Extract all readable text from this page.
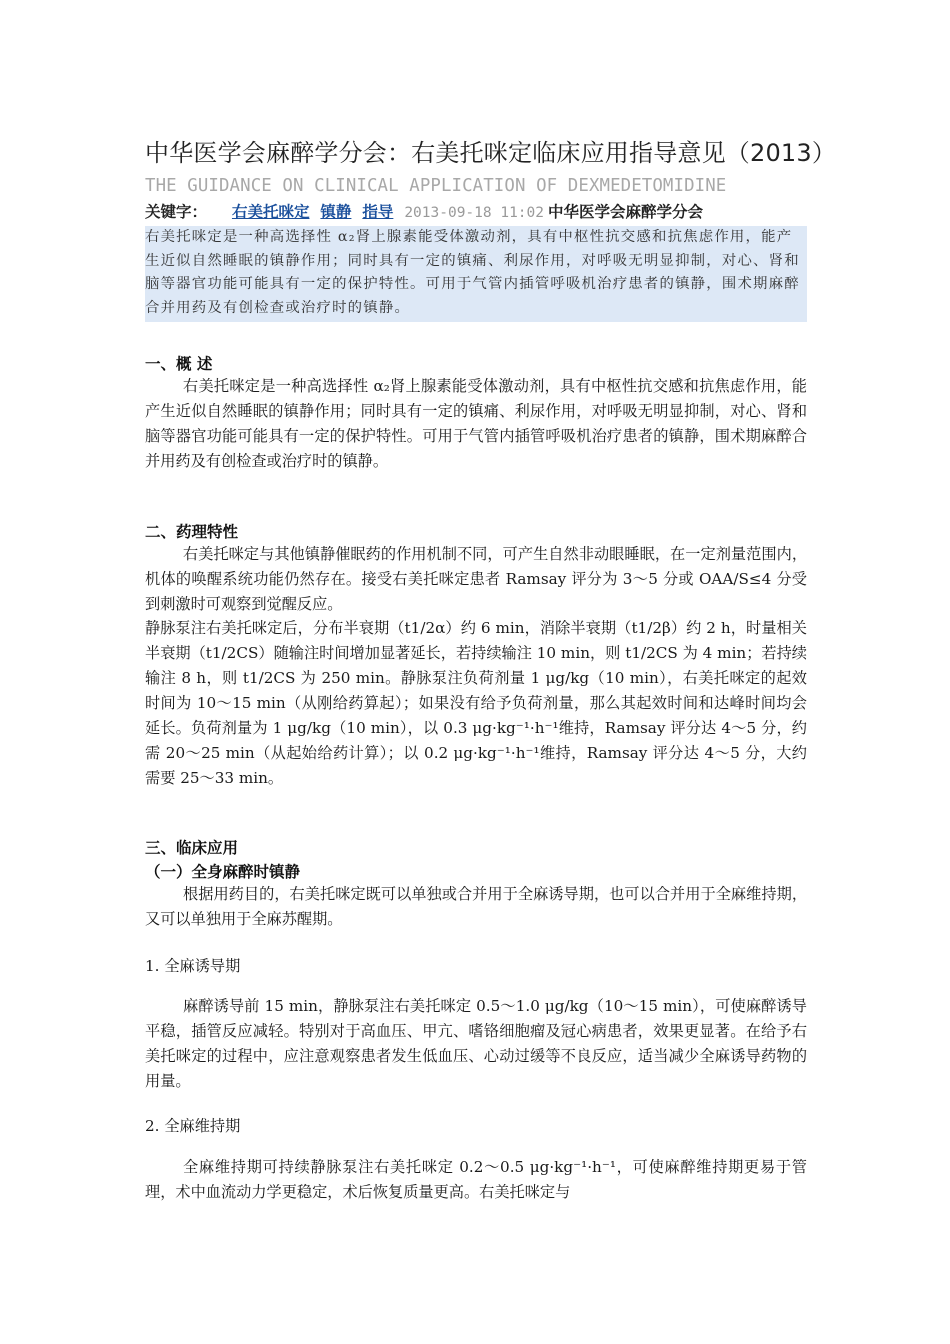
中华医学会麻醉学分会：右美托咪定临床应用指导意见（2013）
THE GUIDANCE ON CLINICAL APPLICATION OF DEXMEDETOMIDINE
关键字： 右美托咪定 镇静 指导 2013-09-18 11:02 中华医学会麻醉学分会
右美托咪定是一种高选择性 α₂肾上腺素能受体激动剂，具有中枢性抗交感和抗焦虑作用，能产生近似自然睡眠的镇静作用；同时具有一定的镇痛、利尿作用，对呼吸无明显抑制，对心、肾和脑等器官功能可能具有一定的保护特性。可用于气管内插管呼吸机治疗患者的镇静，围术期麻醉合并用药及有创检查或治疗时的镇静。
一、概 述
右美托咪定是一种高选择性 α₂肾上腺素能受体激动剂，具有中枢性抗交感和抗焦虑作用，能产生近似自然睡眠的镇静作用；同时具有一定的镇痛、利尿作用，对呼吸无明显抑制，对心、肾和脑等器官功能可能具有一定的保护特性。可用于气管内插管呼吸机治疗患者的镇静，围术期麻醉合并用药及有创检查或治疗时的镇静。
二、药理特性
右美托咪定与其他镇静催眠药的作用机制不同，可产生自然非动眼睡眠，在一定剂量范围内，机体的唤醒系统功能仍然存在。接受右美托咪定患者 Ramsay 评分为 3～5 分或 OAA/S≤4 分受到刺激时可观察到觉醒反应。
静脉泵注右美托咪定后，分布半衰期（t1/2α）约 6 min，消除半衰期（t1/2β）约 2 h，时量相关半衰期（t1/2CS）随输注时间增加显著延长，若持续输注 10 min，则 t1/2CS 为 4 min；若持续输注 8 h，则 t1/2CS 为 250 min。静脉泵注负荷剂量 1 μg/kg（10 min），右美托咪定的起效时间为 10～15 min（从刚给药算起）；如果没有给予负荷剂量，那么其起效时间和达峰时间均会延长。负荷剂量为 1 μg/kg（10 min），以 0.3 μg·kg⁻¹·h⁻¹维持，Ramsay 评分达 4～5 分，约需 20～25 min（从起始给药计算）；以 0.2 μg·kg⁻¹·h⁻¹维持，Ramsay 评分达 4～5 分，大约需要 25～33 min。
三、临床应用
（一）全身麻醉时镇静
根据用药目的，右美托咪定既可以单独或合并用于全麻诱导期，也可以合并用于全麻维持期，又可以单独用于全麻苏醒期。
1. 全麻诱导期
麻醉诱导前 15 min，静脉泵注右美托咪定 0.5～1.0 μg/kg（10～15 min），可使麻醉诱导平稳，插管反应减轻。特别对于高血压、甲亢、嗜铬细胞瘤及冠心病患者，效果更显著。在给予右美托咪定的过程中，应注意观察患者发生低血压、心动过缓等不良反应，适当减少全麻诱导药物的用量。
2. 全麻维持期
全麻维持期可持续静脉泵注右美托咪定 0.2～0.5 μg·kg⁻¹·h⁻¹，可使麻醉维持期更易于管理，术中血流动力学更稳定，术后恢复质量更高。右美托咪定与
